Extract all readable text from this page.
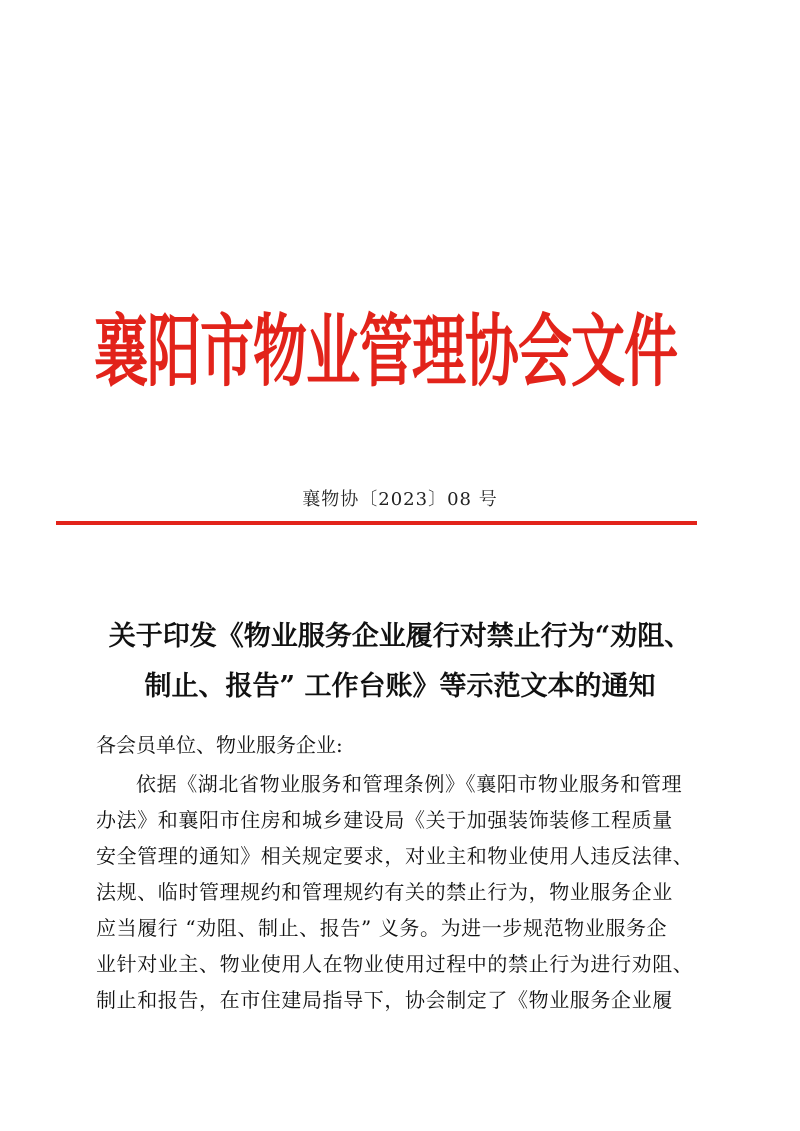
襄阳市物业管理协会文件
襄物协〔2023〕08 号
关于印发《物业服务企业履行对禁止行为“劝阻、
制止、报告” 工作台账》等示范文本的通知
各会员单位、物业服务企业:
依据《湖北省物业服务和管理条例》《襄阳市物业服务和管理
办法》和襄阳市住房和城乡建设局《关于加强装饰装修工程质量
安全管理的通知》相关规定要求，对业主和物业使用人违反法律、
法规、临时管理规约和管理规约有关的禁止行为，物业服务企业
应当履行 “劝阻、制止、报告” 义务。为进一步规范物业服务企
业针对业主、物业使用人在物业使用过程中的禁止行为进行劝阻、
制止和报告，在市住建局指导下，协会制定了《物业服务企业履
